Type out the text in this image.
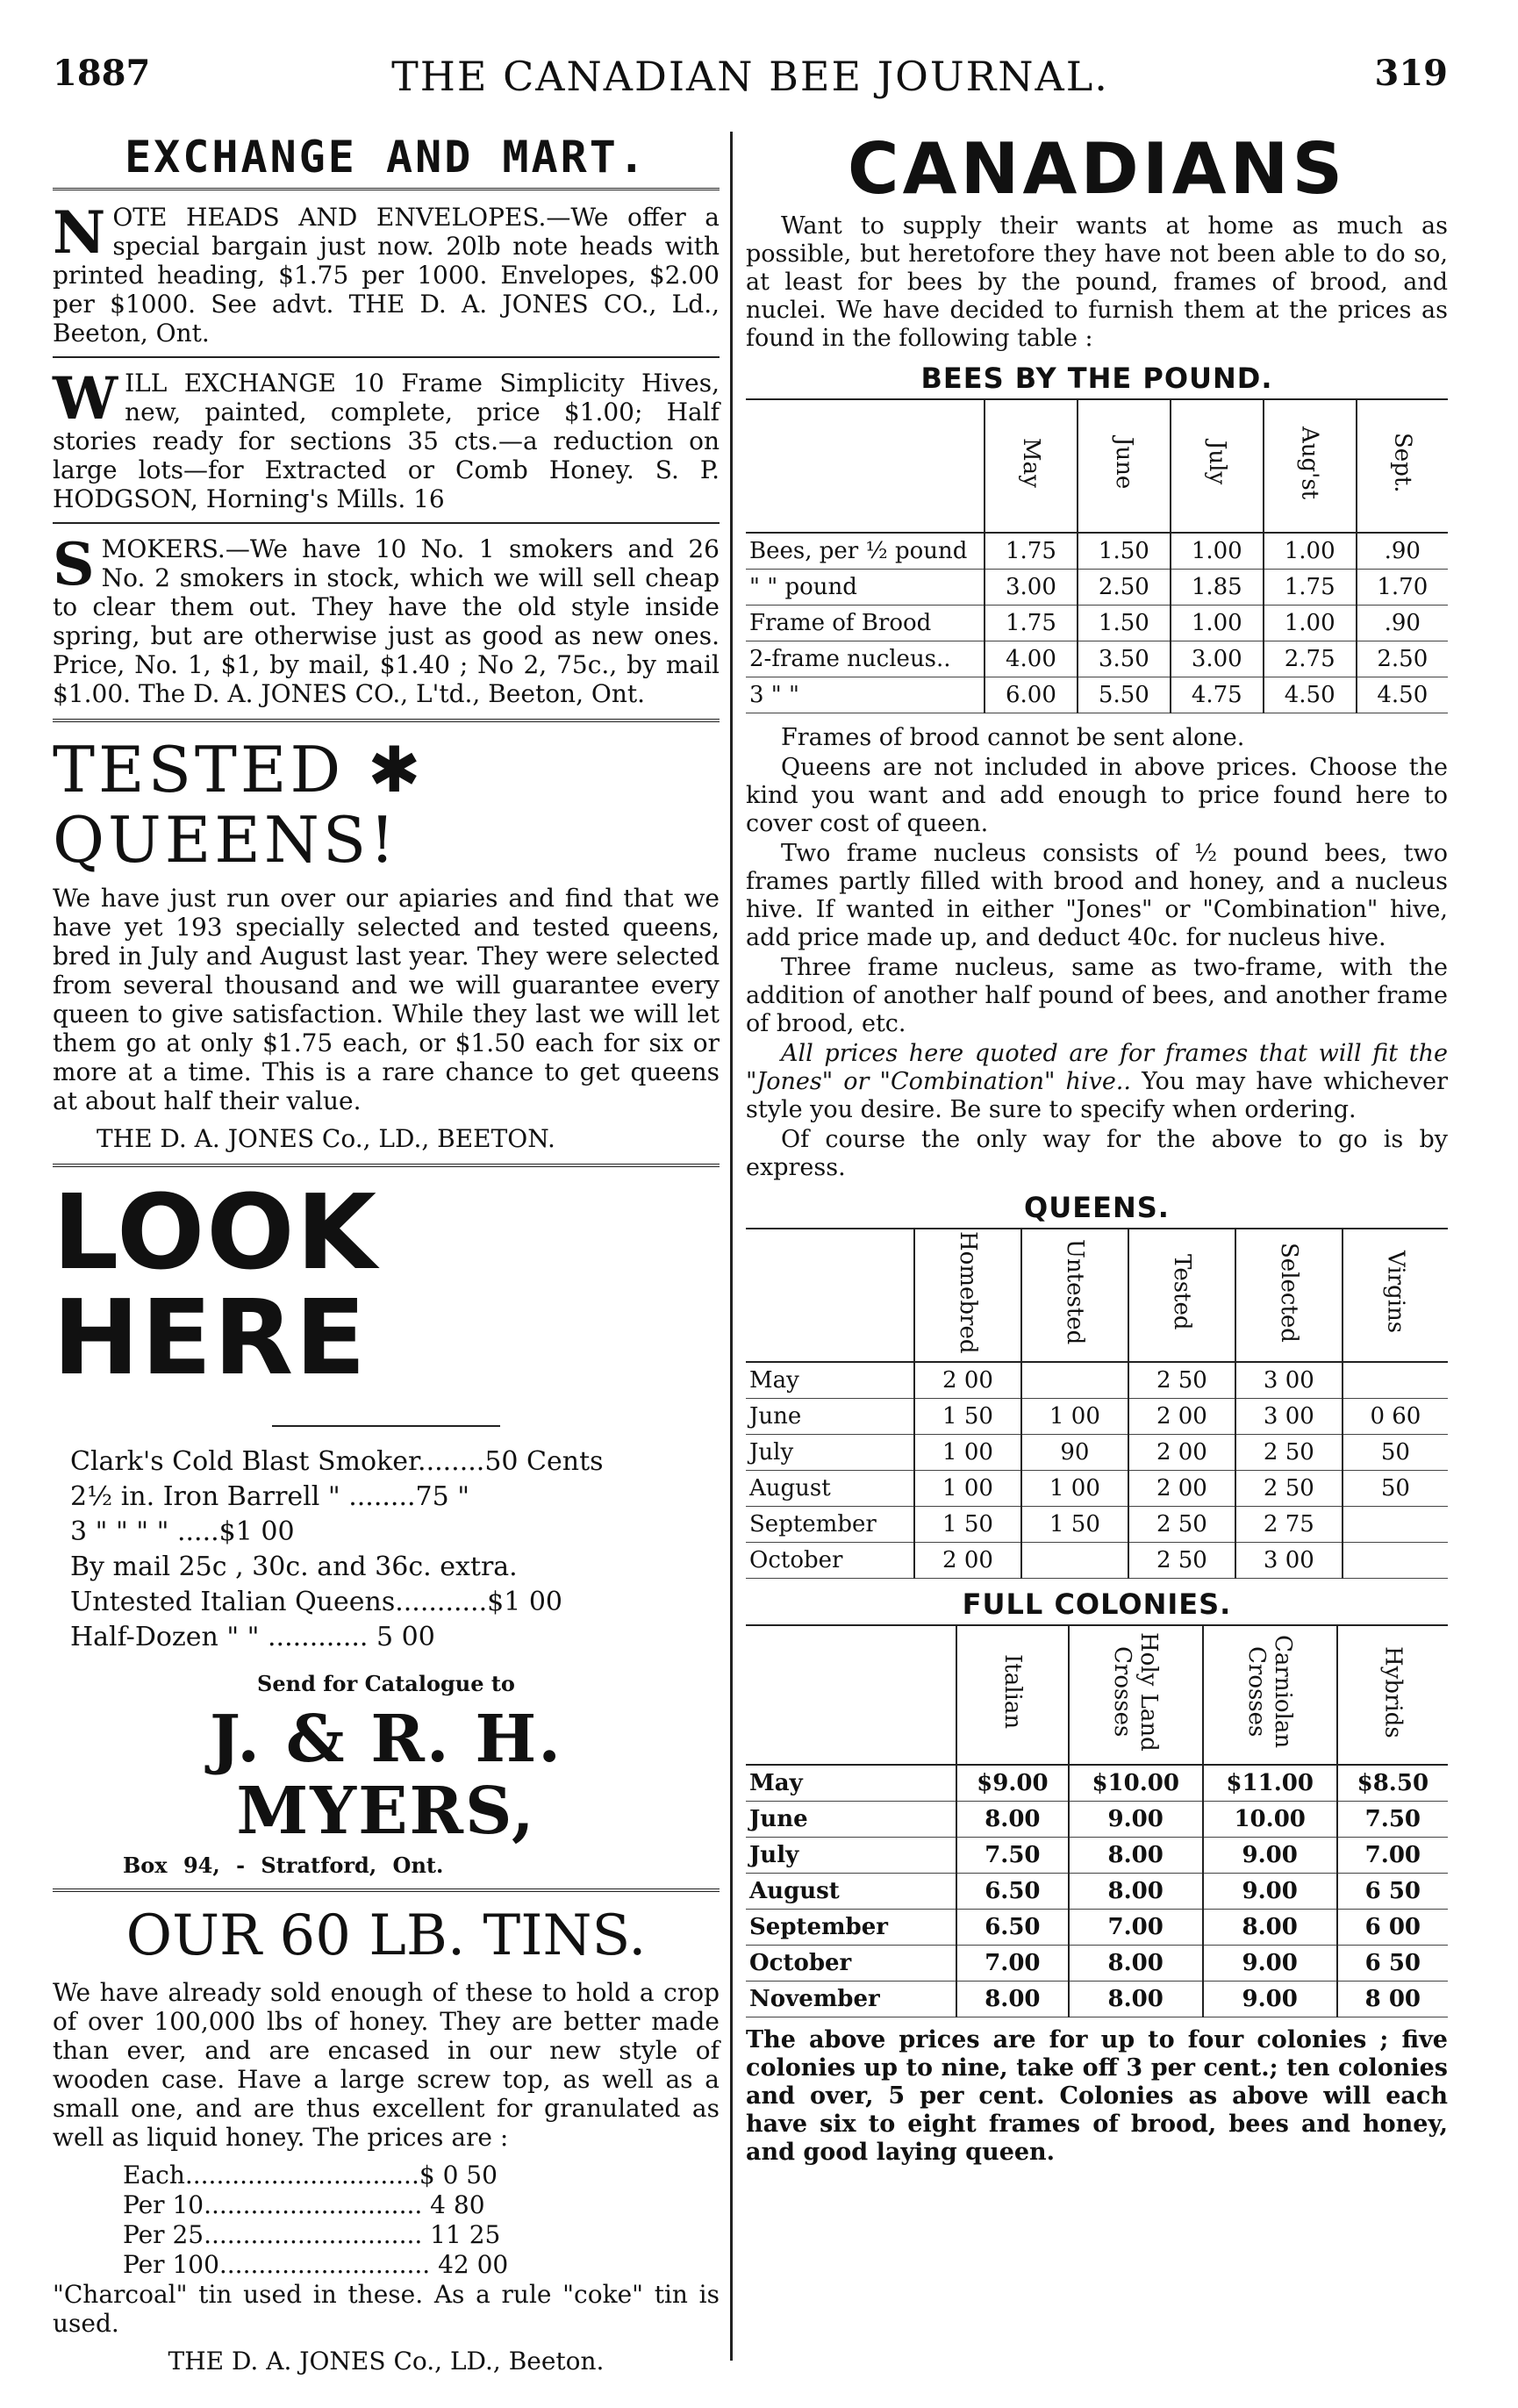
1887	THE CANADIAN BEE JOURNAL.	319
EXCHANGE AND MART.

NOTE HEADS AND ENVELOPES.—We offer a special bargain just now. 20lb note heads with printed heading, $1.75 per 1000. Envelopes, $2.00 per $1000. See advt. THE D. A. JONES CO., Ld., Beeton, Ont.

WILL EXCHANGE 10 Frame Simplicity Hives, new, painted, complete, price $1.00; Half stories ready for sections 35 cts.—a reduction on large lots—for Extracted or Comb Honey. S. P. HODGSON, Horning's Mills. 16

SMOKERS.—We have 10 No. 1 smokers and 26 No. 2 smokers in stock, which we will sell cheap to clear them out. They have the old style inside spring, but are otherwise just as good as new ones. Price, No. 1, $1, by mail, $1.40 ; No 2, 75c., by mail $1.00. The D. A. JONES CO., L'td., Beeton, Ont.

TESTED ✱ QUEENS!

We have just run over our apiaries and find that we have yet 193 specially selected and tested queens, bred in July and August last year. They were selected from several thousand and we will guarantee every queen to give satisfaction. While they last we will let them go at only $1.75 each, or $1.50 each for six or more at a time. This is a rare chance to get queens at about half their value.

THE D. A. JONES Co., LD., BEETON.

LOOK HERE
Clark's Cold Blast Smoker........50 Cents
2½ in. Iron Barrell " ........75 "
3 " " " " .....$1 00
By mail 25c , 30c. and 36c. extra.
Untested Italian Queens...........$1 00
Half-Dozen " " ............ 5 00
Send for Catalogue to
J. & R. H. MYERS,
Box 94, - Stratford, Ont.
OUR 60 LB. TINS.

We have already sold enough of these to hold a crop of over 100,000 lbs of honey. They are better made than ever, and are encased in our new style of wooden case. Have a large screw top, as well as a small one, and are thus excellent for granulated as well as liquid honey. The prices are :

Each..............................$ 0 50
Per 10............................ 4 80
Per 25............................ 11 25
Per 100........................... 42 00

"Charcoal" tin used in these. As a rule "coke" tin is used.

THE D. A. JONES Co., LD., Beeton.

CANADIANS

Want to supply their wants at home as much as possible, but heretofore they have not been able to do so, at least for bees by the pound, frames of brood, and nuclei. We have decided to furnish them at the prices as found in the following table :

BEES BY THE POUND.
	May	June	July	Aug'st	Sept.
Bees, per ½ pound	1.75	1.50	1.00	1.00	.90
" " pound	3.00	2.50	1.85	1.75	1.70
Frame of Brood	1.75	1.50	1.00	1.00	.90
2-frame nucleus..	4.00	3.50	3.00	2.75	2.50
3 " "	6.00	5.50	4.75	4.50	4.50

Frames of brood cannot be sent alone.

Queens are not included in above prices. Choose the kind you want and add enough to price found here to cover cost of queen.

Two frame nucleus consists of ½ pound bees, two frames partly filled with brood and honey, and a nucleus hive. If wanted in either "Jones" or "Combination" hive, add price made up, and deduct 40c. for nucleus hive.

Three frame nucleus, same as two-frame, with the addition of another half pound of bees, and another frame of brood, etc.

All prices here quoted are for frames that will fit the "Jones" or "Combination" hive.. You may have whichever style you desire. Be sure to specify when ordering.

Of course the only way for the above to go is by express.

QUEENS.
	Homebred	Untested	Tested	Selected	Virgins
May	2 00		2 50	3 00	
June	1 50	1 00	2 00	3 00	0 60
July	1 00	90	2 00	2 50	50
August	1 00	1 00	2 00	2 50	50
September	1 50	1 50	2 50	2 75	
October	2 00		2 50	3 00	
FULL COLONIES.
	Italian	Holy Land Crosses	Carniolan Crosses	Hybrids
May	$9.00	$10.00	$11.00	$8.50
June	8.00	9.00	10.00	7.50
July	7.50	8.00	9.00	7.00
August	6.50	8.00	9.00	6 50
September	6.50	7.00	8.00	6 00
October	7.00	8.00	9.00	6 50
November	8.00	8.00	9.00	8 00

The above prices are for up to four colonies ; five colonies up to nine, take off 3 per cent.; ten colonies and over, 5 per cent. Colonies as above will each have six to eight frames of brood, bees and honey, and good laying queen.
